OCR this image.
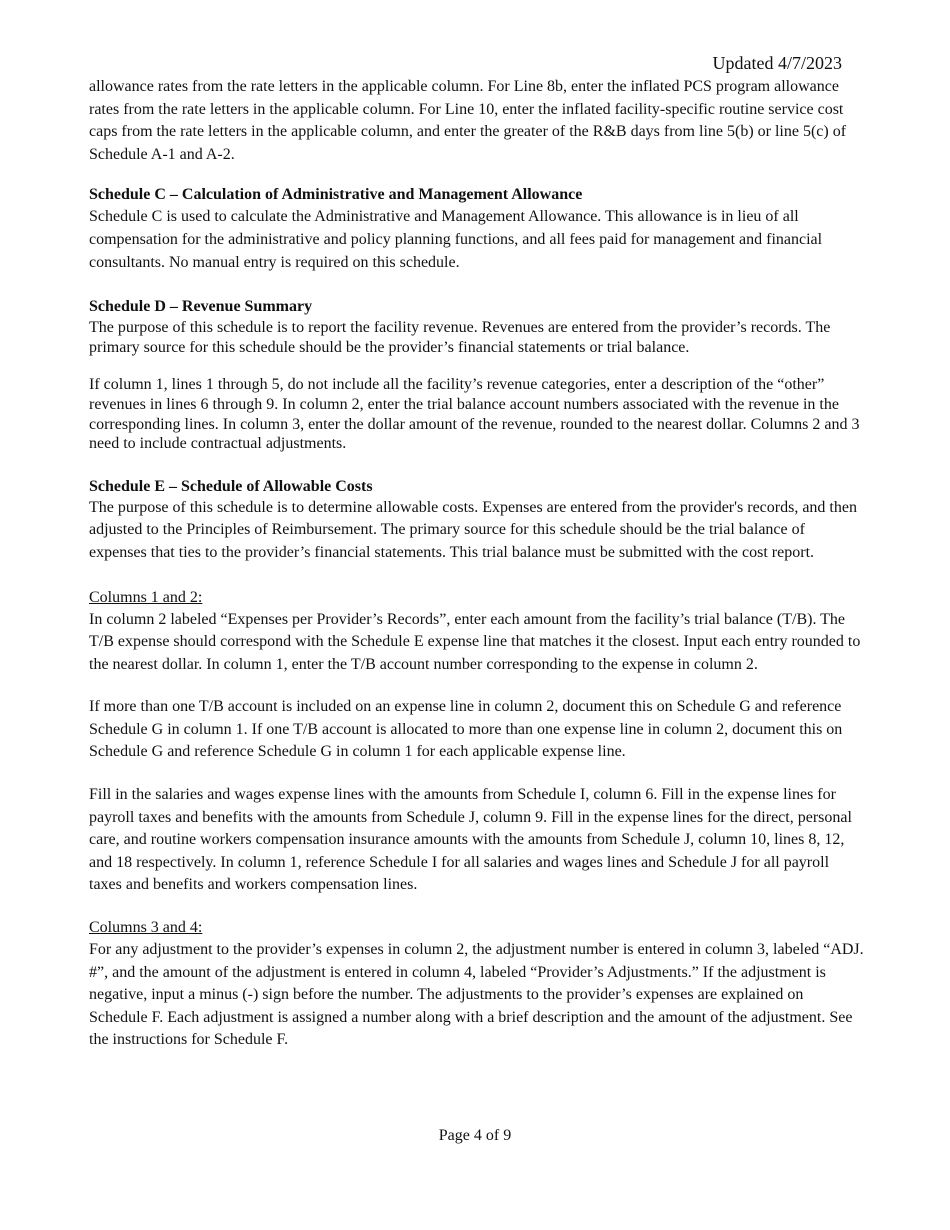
Updated 4/7/2023

allowance rates from the rate letters in the applicable column. For Line 8b, enter the inflated PCS program allowance rates from the rate letters in the applicable column. For Line 10, enter the inflated facility-specific routine service cost caps from the rate letters in the applicable column, and enter the greater of the R&B days from line 5(b) or line 5(c) of Schedule A-1 and A-2.

Schedule C – Calculation of Administrative and Management Allowance

Schedule C is used to calculate the Administrative and Management Allowance. This allowance is in lieu of all compensation for the administrative and policy planning functions, and all fees paid for management and financial consultants. No manual entry is required on this schedule.

Schedule D – Revenue Summary

The purpose of this schedule is to report the facility revenue. Revenues are entered from the provider’s records. The primary source for this schedule should be the provider’s financial statements or trial balance.

If column 1, lines 1 through 5, do not include all the facility’s revenue categories, enter a description of the “other” revenues in lines 6 through 9. In column 2, enter the trial balance account numbers associated with the revenue in the corresponding lines. In column 3, enter the dollar amount of the revenue, rounded to the nearest dollar. Columns 2 and 3 need to include contractual adjustments.

Schedule E – Schedule of Allowable Costs

The purpose of this schedule is to determine allowable costs. Expenses are entered from the provider's records, and then adjusted to the Principles of Reimbursement. The primary source for this schedule should be the trial balance of expenses that ties to the provider’s financial statements. This trial balance must be submitted with the cost report.

Columns 1 and 2:

In column 2 labeled “Expenses per Provider’s Records”, enter each amount from the facility’s trial balance (T/B). The T/B expense should correspond with the Schedule E expense line that matches it the closest. Input each entry rounded to the nearest dollar. In column 1, enter the T/B account number corresponding to the expense in column 2.

If more than one T/B account is included on an expense line in column 2, document this on Schedule G and reference Schedule G in column 1. If one T/B account is allocated to more than one expense line in column 2, document this on Schedule G and reference Schedule G in column 1 for each applicable expense line.

Fill in the salaries and wages expense lines with the amounts from Schedule I, column 6. Fill in the expense lines for payroll taxes and benefits with the amounts from Schedule J, column 9. Fill in the expense lines for the direct, personal care, and routine workers compensation insurance amounts with the amounts from Schedule J, column 10, lines 8, 12, and 18 respectively. In column 1, reference Schedule I for all salaries and wages lines and Schedule J for all payroll taxes and benefits and workers compensation lines.

Columns 3 and 4:

For any adjustment to the provider’s expenses in column 2, the adjustment number is entered in column 3, labeled “ADJ. #”, and the amount of the adjustment is entered in column 4, labeled “Provider’s Adjustments.” If the adjustment is negative, input a minus (-) sign before the number. The adjustments to the provider’s expenses are explained on Schedule F. Each adjustment is assigned a number along with a brief description and the amount of the adjustment. See the instructions for Schedule F.

Page 4 of 9
